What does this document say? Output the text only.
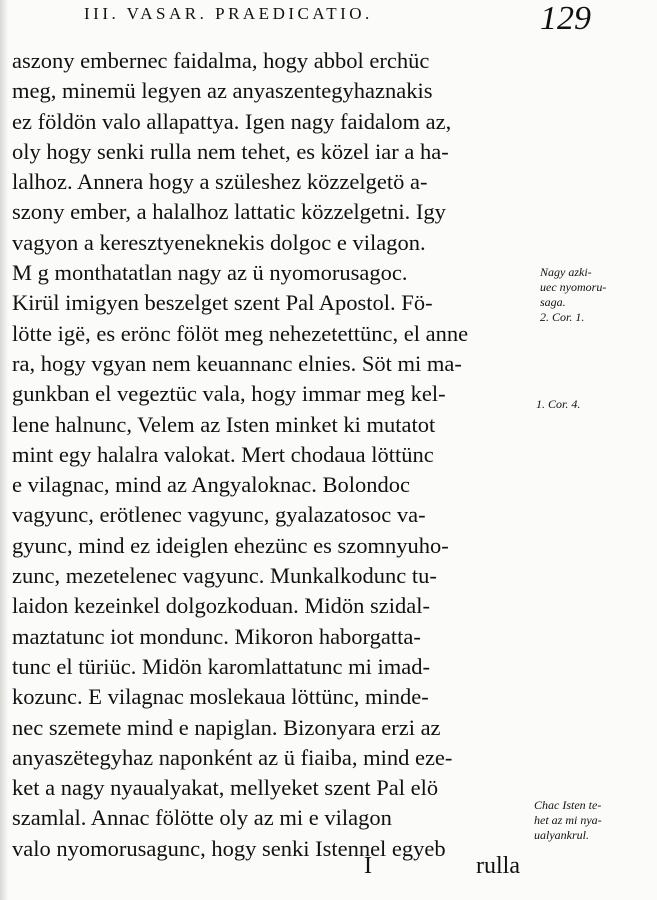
III. VASAR. PRAEDICATIO.	129
aszony embernec faidalma, hogy abbol erchüc
meg, minemü legyen az anyaszentegyhaznakis
ez földön valo allapattya. Igen nagy faidalom az,
oly hogy senki rulla nem tehet, es közel iar a ha-
lalhoz. Annera hogy a szüleshez közzelgetö a-
szony ember, a halalhoz lattatic közzelgetni. Igy
vagyon a keresztyeneknekis dolgoc e vilagon.
M g monthatatlan nagy az ü nyomorusagoc.
Kirül imigyen beszelget szent Pal Apostol. Fö-
lötte igë, es erönc fölöt meg nehezetettünc, el anne
ra, hogy vgyan nem keuannanc elnies. Söt mi ma-
gunkban el vegeztüc vala, hogy immar meg kel-
lene halnunc, Velem az Isten minket ki mutatot
mint egy halalra valokat. Mert chodaua löttünc
e vilagnac, mind az Angyaloknac. Bolondoc
vagyunc, erötlenec vagyunc, gyalazatosoc va-
gyunc, mind ez ideiglen ehezünc es szomnyuho-
zunc, mezetelenec vagyunc. Munkalkodunc tu-
laidon kezeinkel dolgozkoduan. Midön szidal-
maztatunc iot mondunc. Mikoron haborgatta-
tunc el türiüc. Midön karomlattatunc mi imad-
kozunc. E vilagnac moslekaua löttünc, minde-
nec szemete mind e napiglan. Bizonyara erzi az
anyaszëtegyhaz naponként az ü fiaiba, mind eze-
ket a nagy nyaualyakat, mellyeket szent Pal elö
szamlal. Annac fölötte oly az mi e vilagon
valo nyomorusagunc, hogy senki Istennel egyeb
Nagy azki-
uec nyomoru-
saga.
2. Cor. 1.
1. Cor. 4.
Chac Isten te-
het az mi nya-
ualyankrul.
I	rulla
